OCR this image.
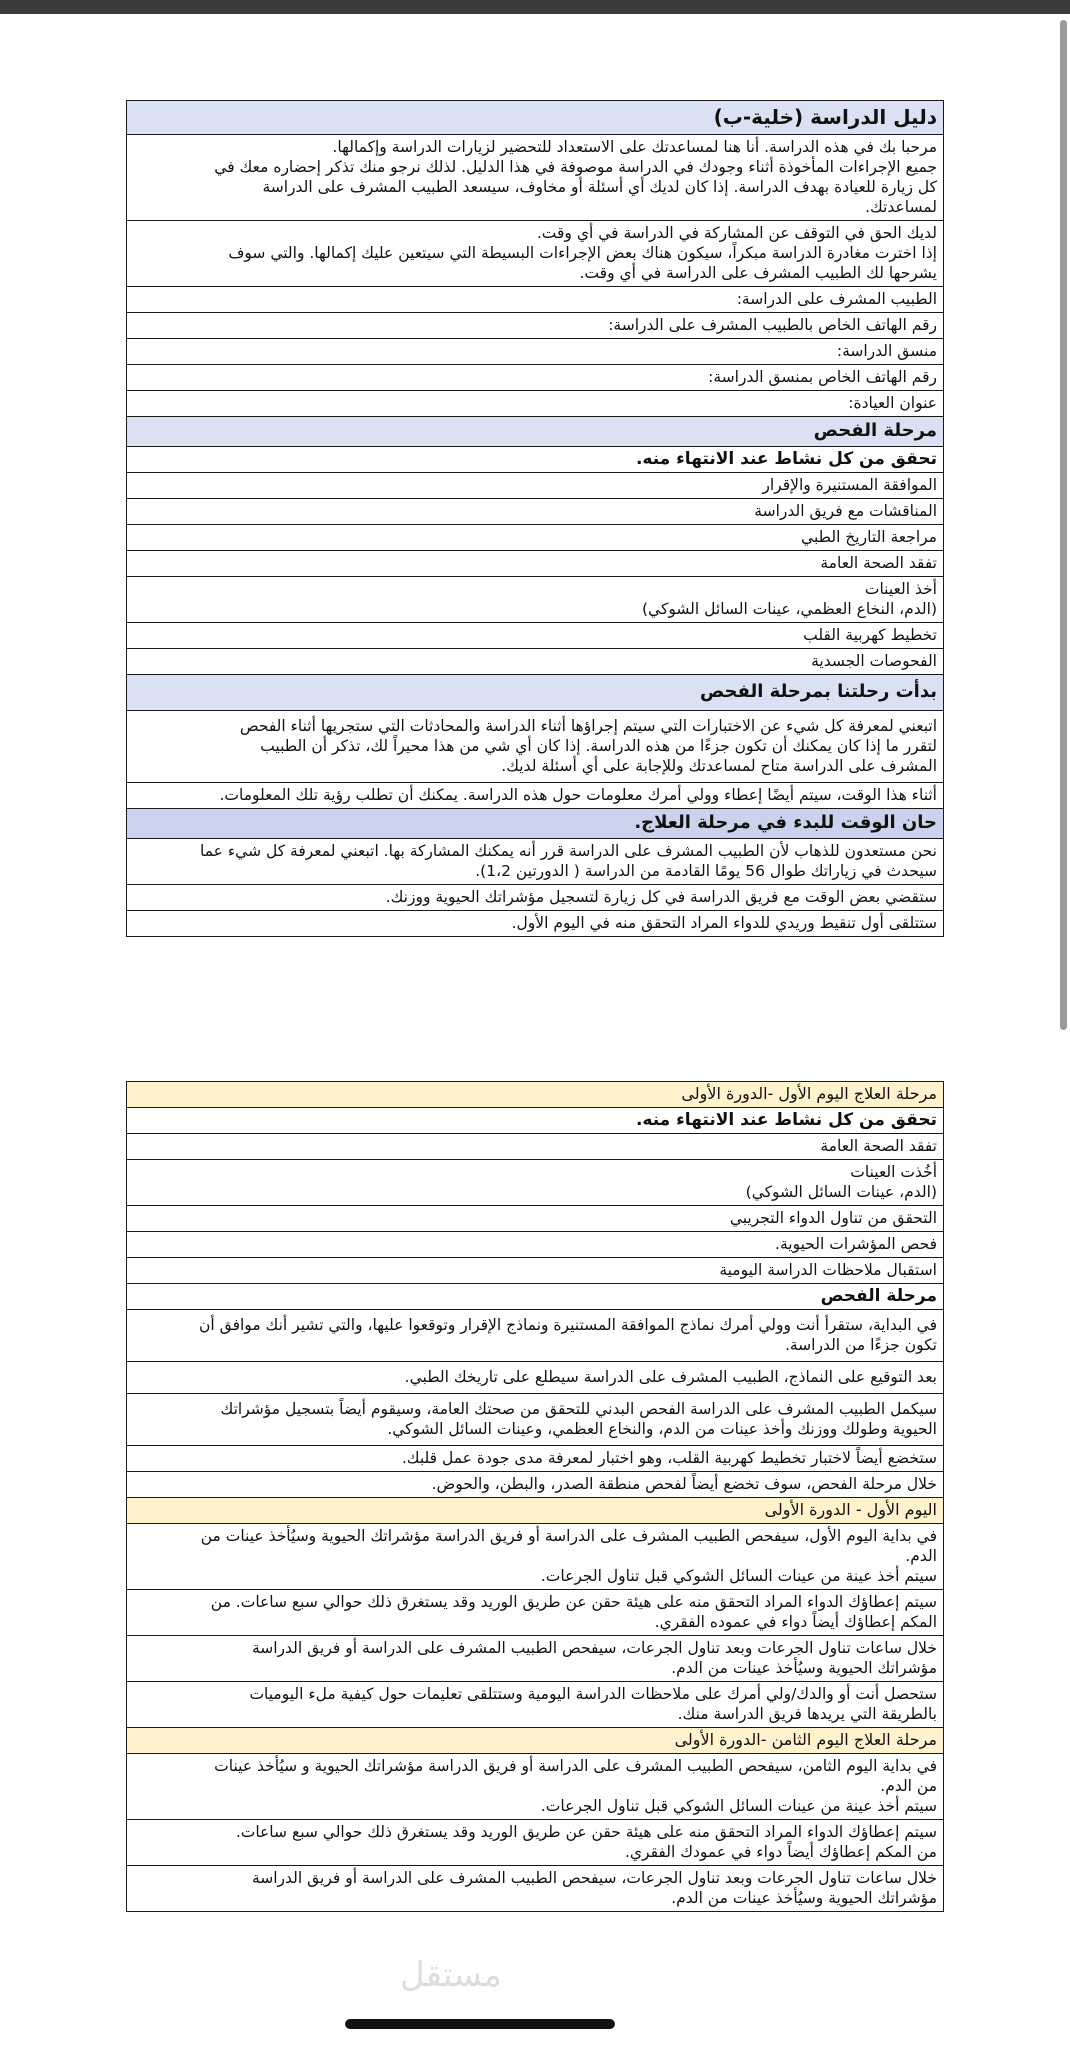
دليل الدراسة (خلية-ب)
مرحبا بك في هذه الدراسة. أنا هنا لمساعدتك على الاستعداد للتحضير لزيارات الدراسة وإكمالها.
جميع الإجراءات المأخوذة أثناء وجودك في الدراسة موصوفة في هذا الدليل. لذلك نرجو منك تذكر إحضاره معك في
كل زيارة للعيادة بهدف الدراسة. إذا كان لديك أي أسئلة أو مخاوف، سيسعد الطبيب المشرف على الدراسة
لمساعدتك.
لديك الحق في التوقف عن المشاركة في الدراسة في أي وقت.
إذا اخترت مغادرة الدراسة مبكراً، سيكون هناك بعض الإجراءات البسيطة التي سيتعين عليك إكمالها. والتي سوف
يشرحها لك الطبيب المشرف على الدراسة في أي وقت.
الطبيب المشرف على الدراسة:
رقم الهاتف الخاص بالطبيب المشرف على الدراسة:
منسق الدراسة:
رقم الهاتف الخاص بمنسق الدراسة:
عنوان العيادة:
مرحلة الفحص
تحقق من كل نشاط عند الانتهاء منه.
الموافقة المستنيرة والإقرار
المناقشات مع فريق الدراسة
مراجعة التاريخ الطبي
تفقد الصحة العامة
أخذ العينات
(الدم، النخاع العظمي، عينات السائل الشوكي)
تخطيط كهربية القلب
الفحوصات الجسدية
بدأت رحلتنا بمرحلة الفحص
اتبعني لمعرفة كل شيء عن الاختبارات التي سيتم إجراؤها أثناء الدراسة والمحادثات التي ستجريها أثناء الفحص
لتقرر ما إذا كان يمكنك أن تكون جزءًا من هذه الدراسة. إذا كان أي شي من هذا محيراً لك، تذكر أن الطبيب
المشرف على الدراسة متاح لمساعدتك وللإجابة على أي أسئلة لديك.
أثناء هذا الوقت، سيتم أيضًا إعطاء وولي أمرك معلومات حول هذه الدراسة. يمكنك أن تطلب رؤية تلك المعلومات.
حان الوقت للبدء في مرحلة العلاج.
نحن مستعدون للذهاب لأن الطبيب المشرف على الدراسة قرر أنه يمكنك المشاركة بها. اتبعني لمعرفة كل شيء عما
سيحدث في زياراتك طوال 56 يومًا القادمة من الدراسة ( الدورتين 1،2).
ستقضي بعض الوقت مع فريق الدراسة في كل زيارة لتسجيل مؤشراتك الحيوية ووزنك.
ستتلقى أول تنقيط وريدي للدواء المراد التحقق منه في اليوم الأول.
مرحلة العلاج اليوم الأول -الدورة الأولى
تحقق من كل نشاط عند الانتهاء منه.
تفقد الصحة العامة
أخُذت العينات
(الدم، عينات السائل الشوكي)
التحقق من تناول الدواء التجريبي
فحص المؤشرات الحيوية.
استقبال ملاحظات الدراسة اليومية
مرحلة الفحص
في البداية، ستقرأ أنت وولي أمرك نماذج الموافقة المستنيرة ونماذج الإقرار وتوقعوا عليها، والتي تشير أنك موافق أن
تكون جزءًا من الدراسة.
بعد التوقيع على النماذج، الطبيب المشرف على الدراسة سيطلع على تاريخك الطبي.
سيكمل الطبيب المشرف على الدراسة الفحص البدني للتحقق من صحتك العامة، وسيقوم أيضاً بتسجيل مؤشراتك
الحيوية وطولك ووزنك وأخذ عينات من الدم، والنخاع العظمي، وعينات السائل الشوكي.
ستخضع أيضاً لاختبار تخطيط كهربية القلب، وهو اختبار لمعرفة مدى جودة عمل قلبك.
خلال مرحلة الفحص، سوف تخضع أيضاً لفحص منطقة الصدر، والبطن، والحوض.
اليوم الأول - الدورة الأولى
في بداية اليوم الأول، سيفحص الطبيب المشرف على الدراسة أو فريق الدراسة مؤشراتك الحيوية وسيُأخذ عينات من
الدم.
سيتم أخذ عينة من عينات السائل الشوكي قبل تناول الجرعات.
سيتم إعطاؤك الدواء المراد التحقق منه على هيئة حقن عن طريق الوريد وقد يستغرق ذلك حوالي سبع ساعات. من
المكم إعطاؤك أيضاً دواء في عموده الفقري.
خلال ساعات تناول الجرعات وبعد تناول الجرعات، سيفحص الطبيب المشرف على الدراسة أو فريق الدراسة
مؤشراتك الحيوية وسيُأخذ عينات من الدم.
ستحصل أنت أو والدك/ولي أمرك على ملاحظات الدراسة اليومية وستتلقى تعليمات حول كيفية ملء اليوميات
بالطريقة التي يريدها فريق الدراسة منك.
مرحلة العلاج اليوم الثامن -الدورة الأولى
في بداية اليوم الثامن، سيفحص الطبيب المشرف على الدراسة أو فريق الدراسة مؤشراتك الحيوية و سيُأخذ عينات
من الدم.
سيتم أخذ عينة من عينات السائل الشوكي قبل تناول الجرعات.
سيتم إعطاؤك الدواء المراد التحقق منه على هيئة حقن عن طريق الوريد وقد يستغرق ذلك حوالي سبع ساعات.
من المكم إعطاؤك أيضاً دواء في عمودك الفقري.
خلال ساعات تناول الجرعات وبعد تناول الجرعات، سيفحص الطبيب المشرف على الدراسة أو فريق الدراسة
مؤشراتك الحيوية وسيُأخذ عينات من الدم.
مستقل
